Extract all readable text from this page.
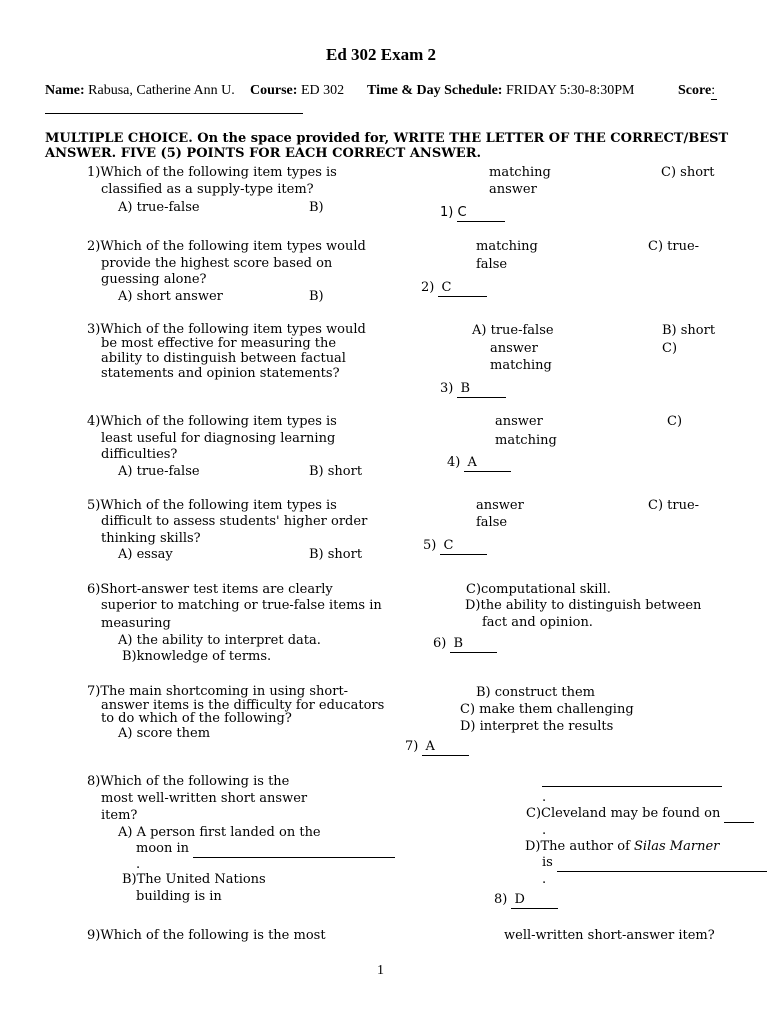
Ed 302 Exam 2
Name: Rabusa, Catherine Ann U. Course: ED 302 Time & Day Schedule: FRIDAY 5:30-8:30PM	Score:
MULTIPLE CHOICE. On the space provided for, WRITE THE LETTER OF THE CORRECT/BEST
ANSWER. FIVE (5) POINTS FOR EACH CORRECT ANSWER.
1)Which of the following item types is
classified as a supply-type item?
A) true-false	B)
matching
answer
C) short
1) C
2)Which of the following item types would
provide the highest score based on
guessing alone?
A) short answer	B)
matching
false
C) true-
2) C
3)Which of the following item types would
be most effective for measuring the
ability to distinguish between factual
statements and opinion statements?
A) true-false
answer
matching
B) short
C)
3) B
4)Which of the following item types is
least useful for diagnosing learning
difficulties?
A) true-false	B) short
answer
matching
C)
4) A
5)Which of the following item types is
difficult to assess students' higher order
thinking skills?
A) essay	B) short
answer
false
C) true-
5) C
6)Short-answer test items are clearly
superior to matching or true-false items in
measuring
A) the ability to interpret data.
B)knowledge of terms.
C)computational skill.
D)the ability to distinguish between
fact and opinion.
6) B
7)The main shortcoming in using short-
answer items is the difficulty for educators
to do which of the following?
A) score them
B) construct them
C) make them challenging
D) interpret the results
7) A
8)Which of the following is the
most well-written short answer
item?
A) A person first landed on the
moon in
.
B)The United Nations
building is in
.
C)Cleveland may be found on
.
D)The author of Silas Marner
is
.
8) D
9)Which of the following is the most	well-written short-answer item?
1
